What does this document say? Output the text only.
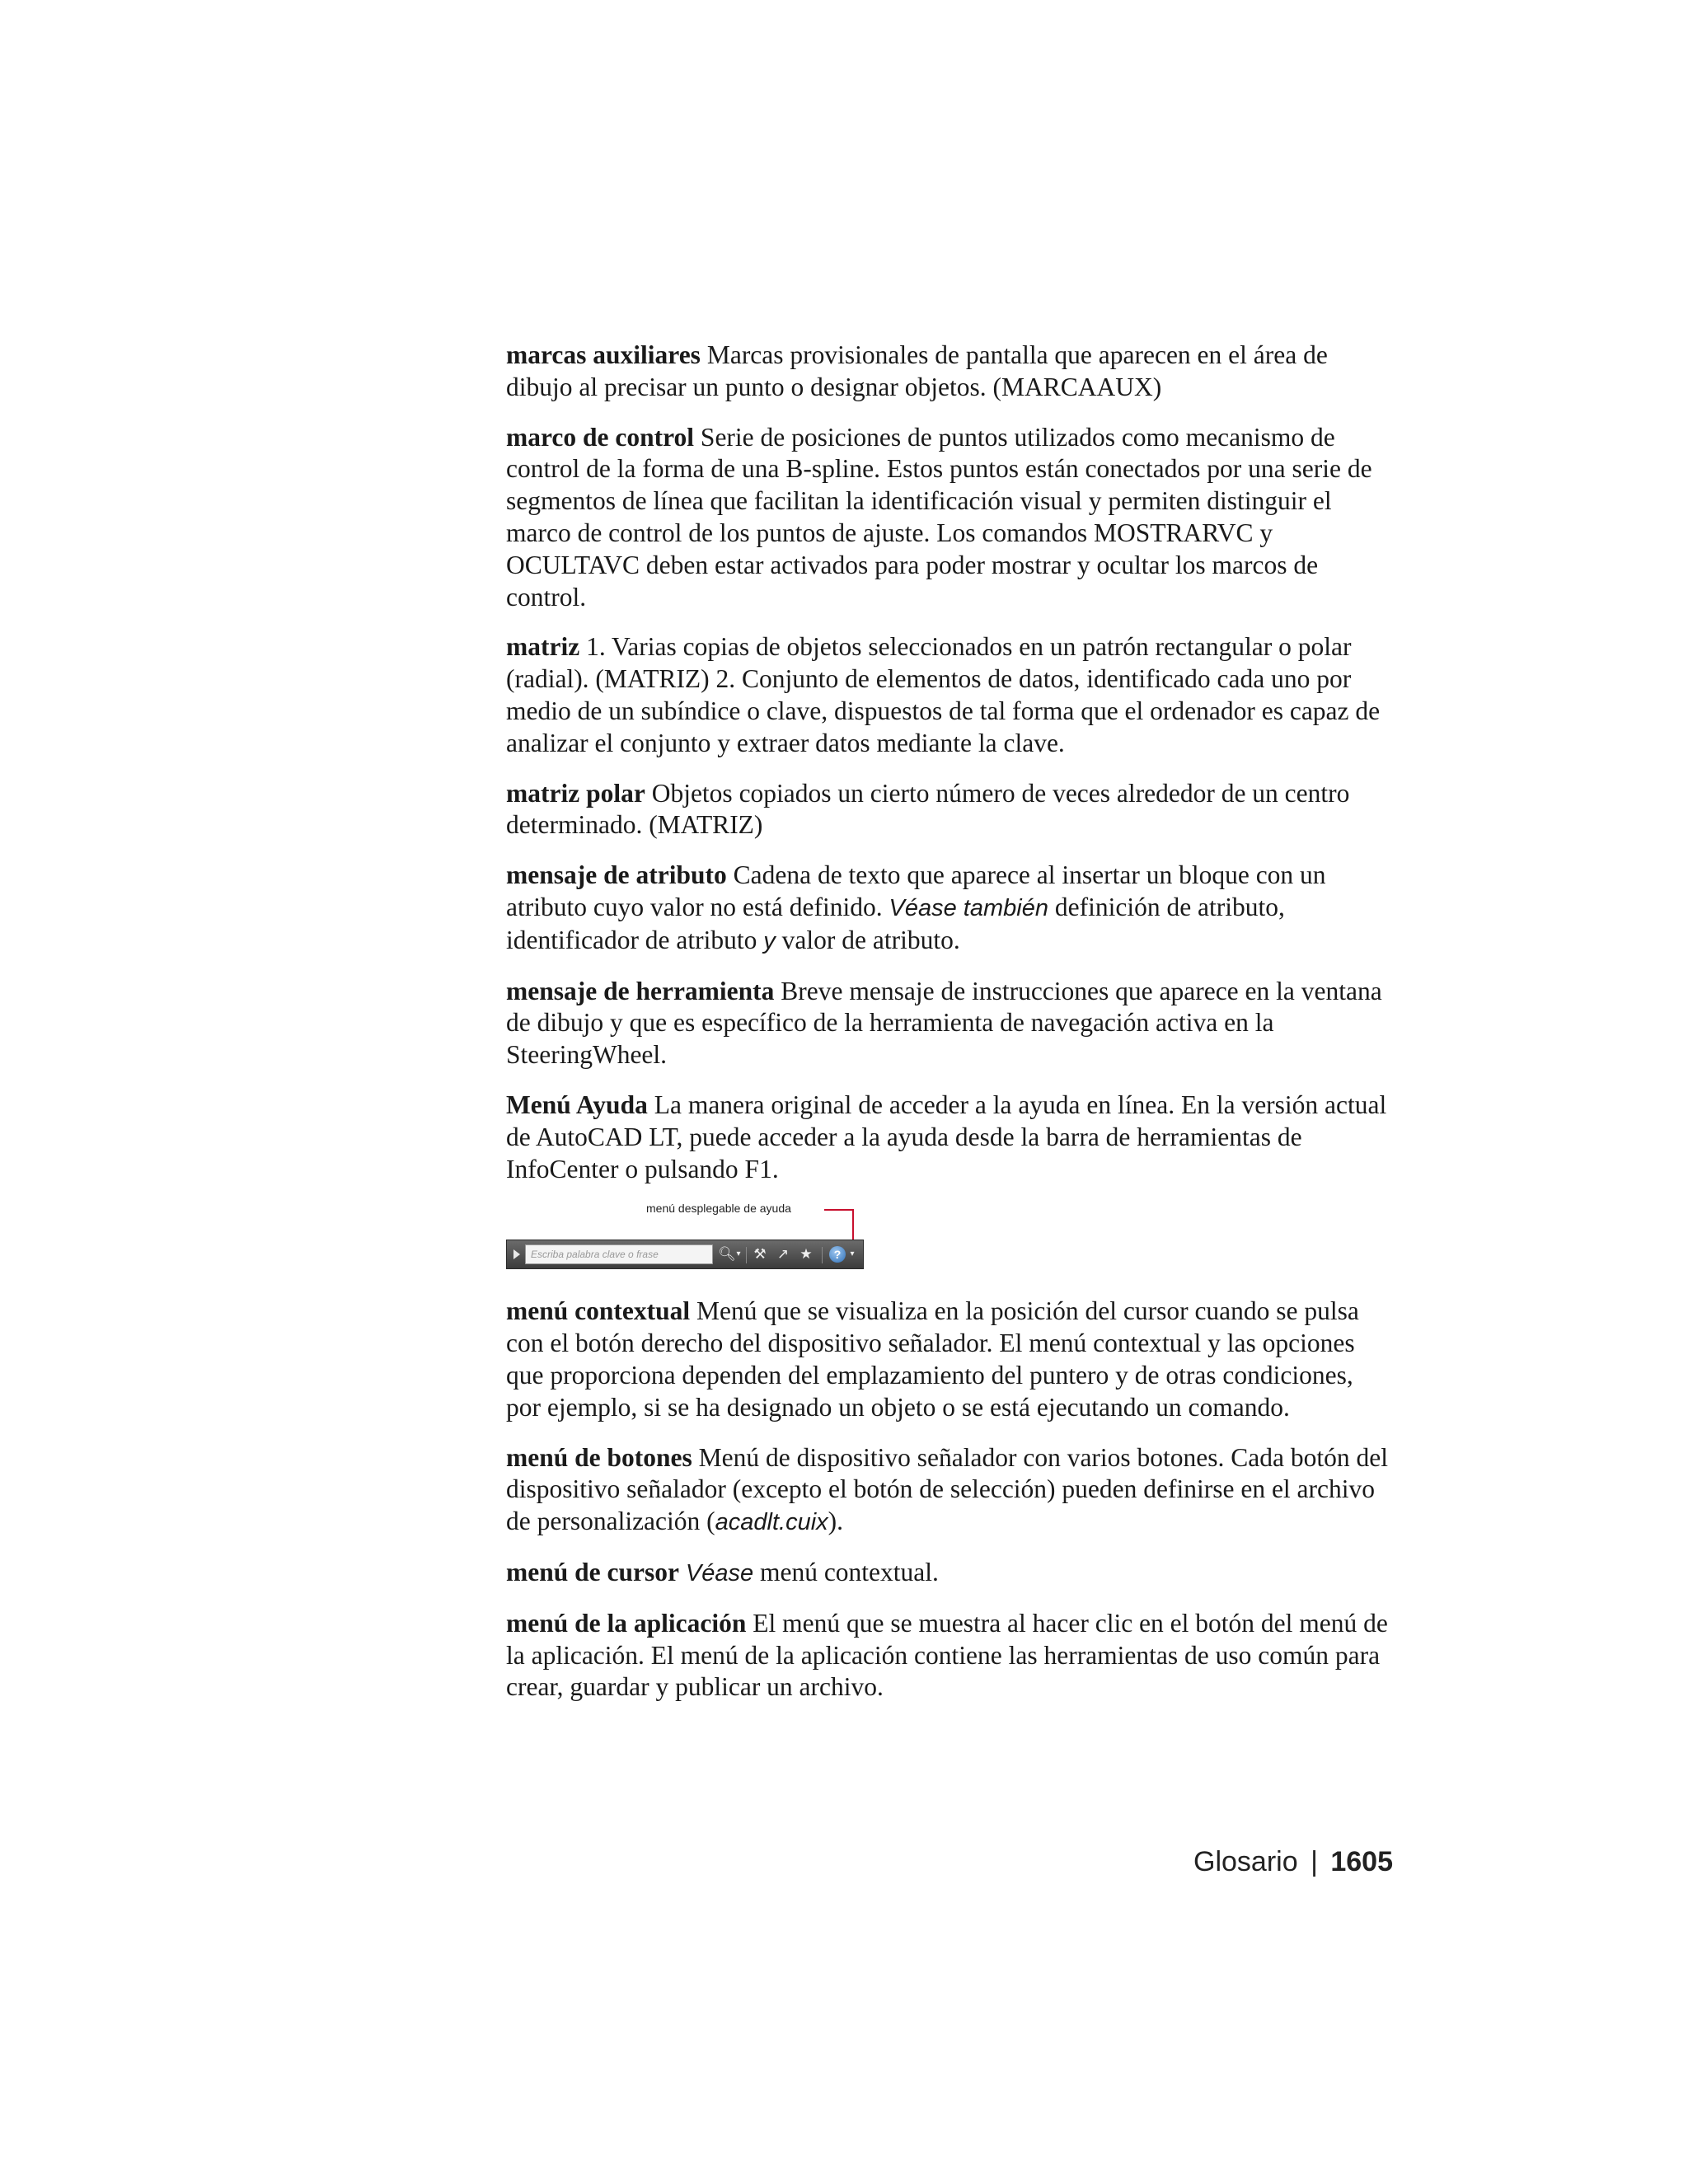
marcas auxiliares Marcas provisionales de pantalla que aparecen en el área de dibujo al precisar un punto o designar objetos. (MARCAAUX)

marco de control Serie de posiciones de puntos utilizados como mecanismo de control de la forma de una B-spline. Estos puntos están conectados por una serie de segmentos de línea que facilitan la identificación visual y permiten distinguir el marco de control de los puntos de ajuste. Los comandos MOSTRARVC y OCULTAVC deben estar activados para poder mostrar y ocultar los marcos de control.

matriz 1. Varias copias de objetos seleccionados en un patrón rectangular o polar (radial). (MATRIZ) 2. Conjunto de elementos de datos, identificado cada uno por medio de un subíndice o clave, dispuestos de tal forma que el ordenador es capaz de analizar el conjunto y extraer datos mediante la clave.

matriz polar Objetos copiados un cierto número de veces alrededor de un centro determinado. (MATRIZ)

mensaje de atributo Cadena de texto que aparece al insertar un bloque con un atributo cuyo valor no está definido. Véase también definición de atributo, identificador de atributo y valor de atributo.

mensaje de herramienta Breve mensaje de instrucciones que aparece en la ventana de dibujo y que es específico de la herramienta de navegación activa en la SteeringWheel.

Menú Ayuda La manera original de acceder a la ayuda en línea. En la versión actual de AutoCAD LT, puede acceder a la ayuda desde la barra de herramientas de InfoCenter o pulsando F1.

menú desplegable de ayuda
Escriba palabra clave o frase	🔍︎ ▾ ⚒ ↗ ★	?	▾

menú contextual Menú que se visualiza en la posición del cursor cuando se pulsa con el botón derecho del dispositivo señalador. El menú contextual y las opciones que proporciona dependen del emplazamiento del puntero y de otras condiciones, por ejemplo, si se ha designado un objeto o se está ejecutando un comando.

menú de botones Menú de dispositivo señalador con varios botones. Cada botón del dispositivo señalador (excepto el botón de selección) pueden definirse en el archivo de personalización (acadlt.cuix).

menú de cursor Véase menú contextual.

menú de la aplicación El menú que se muestra al hacer clic en el botón del menú de la aplicación. El menú de la aplicación contiene las herramientas de uso común para crear, guardar y publicar un archivo.

Glosario | 1605
